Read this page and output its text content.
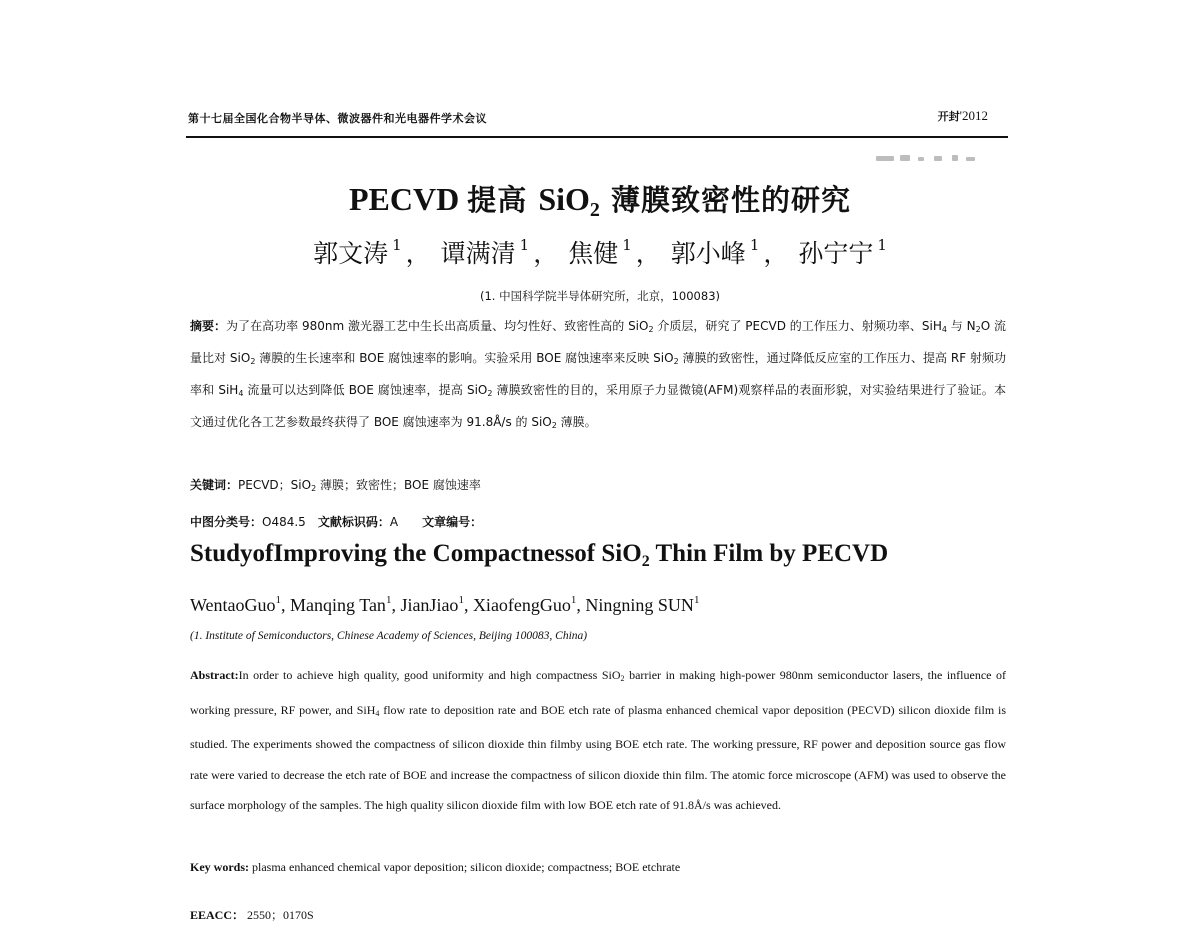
第十七届全国化合物半导体、微波器件和光电器件学术会议	开封'2012
PECVD 提高 SiO$_2$ 薄膜致密性的研究
郭文涛 $^1$ ， 谭满清 $^1$ ， 焦健 $^1$ ， 郭小峰 $^1$ ， 孙宁宁 $^1$
(1. 中国科学院半导体研究所，北京，100083)
摘要：为了在高功率 980nm 激光器工艺中生长出高质量、均匀性好、致密性高的 SiO$_2$ 介质层，研究了 PECVD 的工作压力、射频功率、SiH$_4$ 与 $N_2O$ 流量比对 SiO$_2$ 薄膜的生长速率和 BOE 腐蚀速率的影响。实验采用 BOE 腐蚀速率来反映 SiO$_2$ 薄膜的致密性，通过降低反应室的工作压力、提高 RF 射频功率和 SiH$_4$ 流量可以达到降低 BOE 腐蚀速率，提高 SiO$_2$ 薄膜致密性的目的，采用原子力显微镜(AFM)观察样品的表面形貌，对实验结果进行了验证。本文通过优化各工艺参数最终获得了 BOE 腐蚀速率为 91.8Å/s 的 SiO$_2$ 薄膜。
关键词：PECVD；SiO$_2$ 薄膜；致密性；BOE 腐蚀速率
中图分类号：O484.5 文献标识码：A 文章编号：
StudyofImproving the Compactnessof SiO$_2$ Thin Film by PECVD
WentaoGuo$^1$, Manqing Tan$^1$, JianJiao$^1$, XiaofengGuo$^1$, Ningning SUN$^1$
(1. Institute of Semiconductors, Chinese Academy of Sciences, Beijing 100083, China)
Abstract:In order to achieve high quality, good uniformity and high compactness SiO$_2$ barrier in making high-power 980nm semiconductor lasers, the influence of working pressure, RF power, and SiH$_4$ flow rate to deposition rate and BOE etch rate of plasma enhanced chemical vapor deposition (PECVD) silicon dioxide film is studied. The experiments showed the compactness of silicon dioxide thin filmby using BOE etch rate. The working pressure, RF power and deposition source gas flow rate were varied to decrease the etch rate of BOE and increase the compactness of silicon dioxide thin film. The atomic force microscope (AFM) was used to observe the surface morphology of the samples. The high quality silicon dioxide film with low BOE etch rate of 91.8Å/s was achieved.
Key words: plasma enhanced chemical vapor deposition; silicon dioxide; compactness; BOE etchrate
EEACC： 2550；0170S
